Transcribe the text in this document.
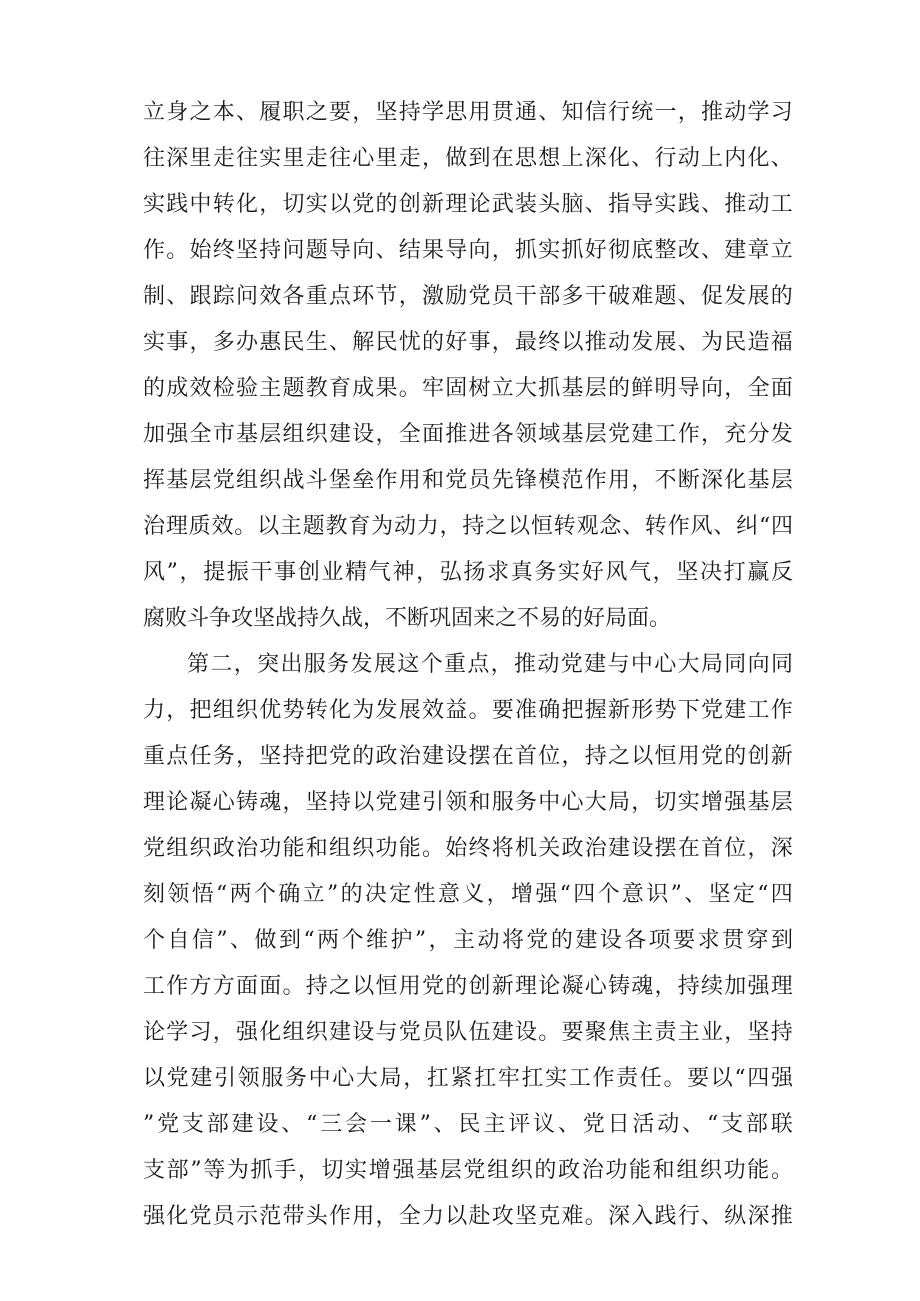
立 身 之 本 、 履 职 之 要 ， 坚 持 学 思 用 贯 通 、 知 信 行 统 一 ， 推 动 学 习
往 深 里 走 往 实 里 走 往 心 里 走 ， 做 到 在 思 想 上 深 化 、 行 动 上 内 化 、
实 践 中 转 化 ， 切 实 以 党 的 创 新 理 论 武 装 头 脑 、 指 导 实 践 、 推 动 工
作 。 始 终 坚 持 问 题 导 向 、 结 果 导 向 ， 抓 实 抓 好 彻 底 整 改 、 建 章 立
制 、 跟 踪 问 效 各 重 点 环 节 ， 激 励 党 员 干 部 多 干 破 难 题 、 促 发 展 的
实 事 ， 多 办 惠 民 生 、 解 民 忧 的 好 事 ， 最 终 以 推 动 发 展 、 为 民 造 福
的 成 效 检 验 主 题 教 育 成 果 。 牢 固 树 立 大 抓 基 层 的 鲜 明 导 向 ， 全 面
加 强 全 市 基 层 组 织 建 设 ， 全 面 推 进 各 领 域 基 层 党 建 工 作 ， 充 分 发
挥 基 层 党 组 织 战 斗 堡 垒 作 用 和 党 员 先 锋 模 范 作 用 ， 不 断 深 化 基 层
治 理 质 效 。 以 主 题 教 育 为 动 力 ， 持 之 以 恒 转 观 念 、 转 作 风 、 纠 “ 四
风 ” ， 提 振 干 事 创 业 精 气 神 ， 弘 扬 求 真 务 实 好 风 气 ， 坚 决 打 赢 反
腐败斗争攻坚战持久战，不断巩固来之不易的好局面。
第 二 ， 突 出 服 务 发 展 这 个 重 点 ， 推 动 党 建 与 中 心 大 局 同 向 同
力 ， 把 组 织 优 势 转 化 为 发 展 效 益 。 要 准 确 把 握 新 形 势 下 党 建 工 作
重 点 任 务 ， 坚 持 把 党 的 政 治 建 设 摆 在 首 位 ， 持 之 以 恒 用 党 的 创 新
理 论 凝 心 铸 魂 ， 坚 持 以 党 建 引 领 和 服 务 中 心 大 局 ， 切 实 增 强 基 层
党 组 织 政 治 功 能 和 组 织 功 能 。 始 终 将 机 关 政 治 建 设 摆 在 首 位 ， 深
刻 领 悟 “ 两 个 确 立 ” 的 决 定 性 意 义 ， 增 强 “ 四 个 意 识 ” 、 坚 定 “ 四
个 自 信 ” 、 做 到 “ 两 个 维 护 ” ， 主 动 将 党 的 建 设 各 项 要 求 贯 穿 到
工 作 方 方 面 面 。 持 之 以 恒 用 党 的 创 新 理 论 凝 心 铸 魂 ， 持 续 加 强 理
论 学 习 ， 强 化 组 织 建 设 与 党 员 队 伍 建 设 。 要 聚 焦 主 责 主 业 ， 坚 持
以 党 建 引 领 服 务 中 心 大 局 ， 扛 紧 扛 牢 扛 实 工 作 责 任 。 要 以 “ 四 强
” 党 支 部 建 设 、 “ 三 会 一 课 ” 、 民 主 评 议 、 党 日 活 动 、 “ 支 部 联
支 部 ” 等 为 抓 手 ， 切 实 增 强 基 层 党 组 织 的 政 治 功 能 和 组 织 功 能 。
强 化 党 员 示 范 带 头 作 用 ， 全 力 以 赴 攻 坚 克 难 。 深 入 践 行 、 纵 深 推
